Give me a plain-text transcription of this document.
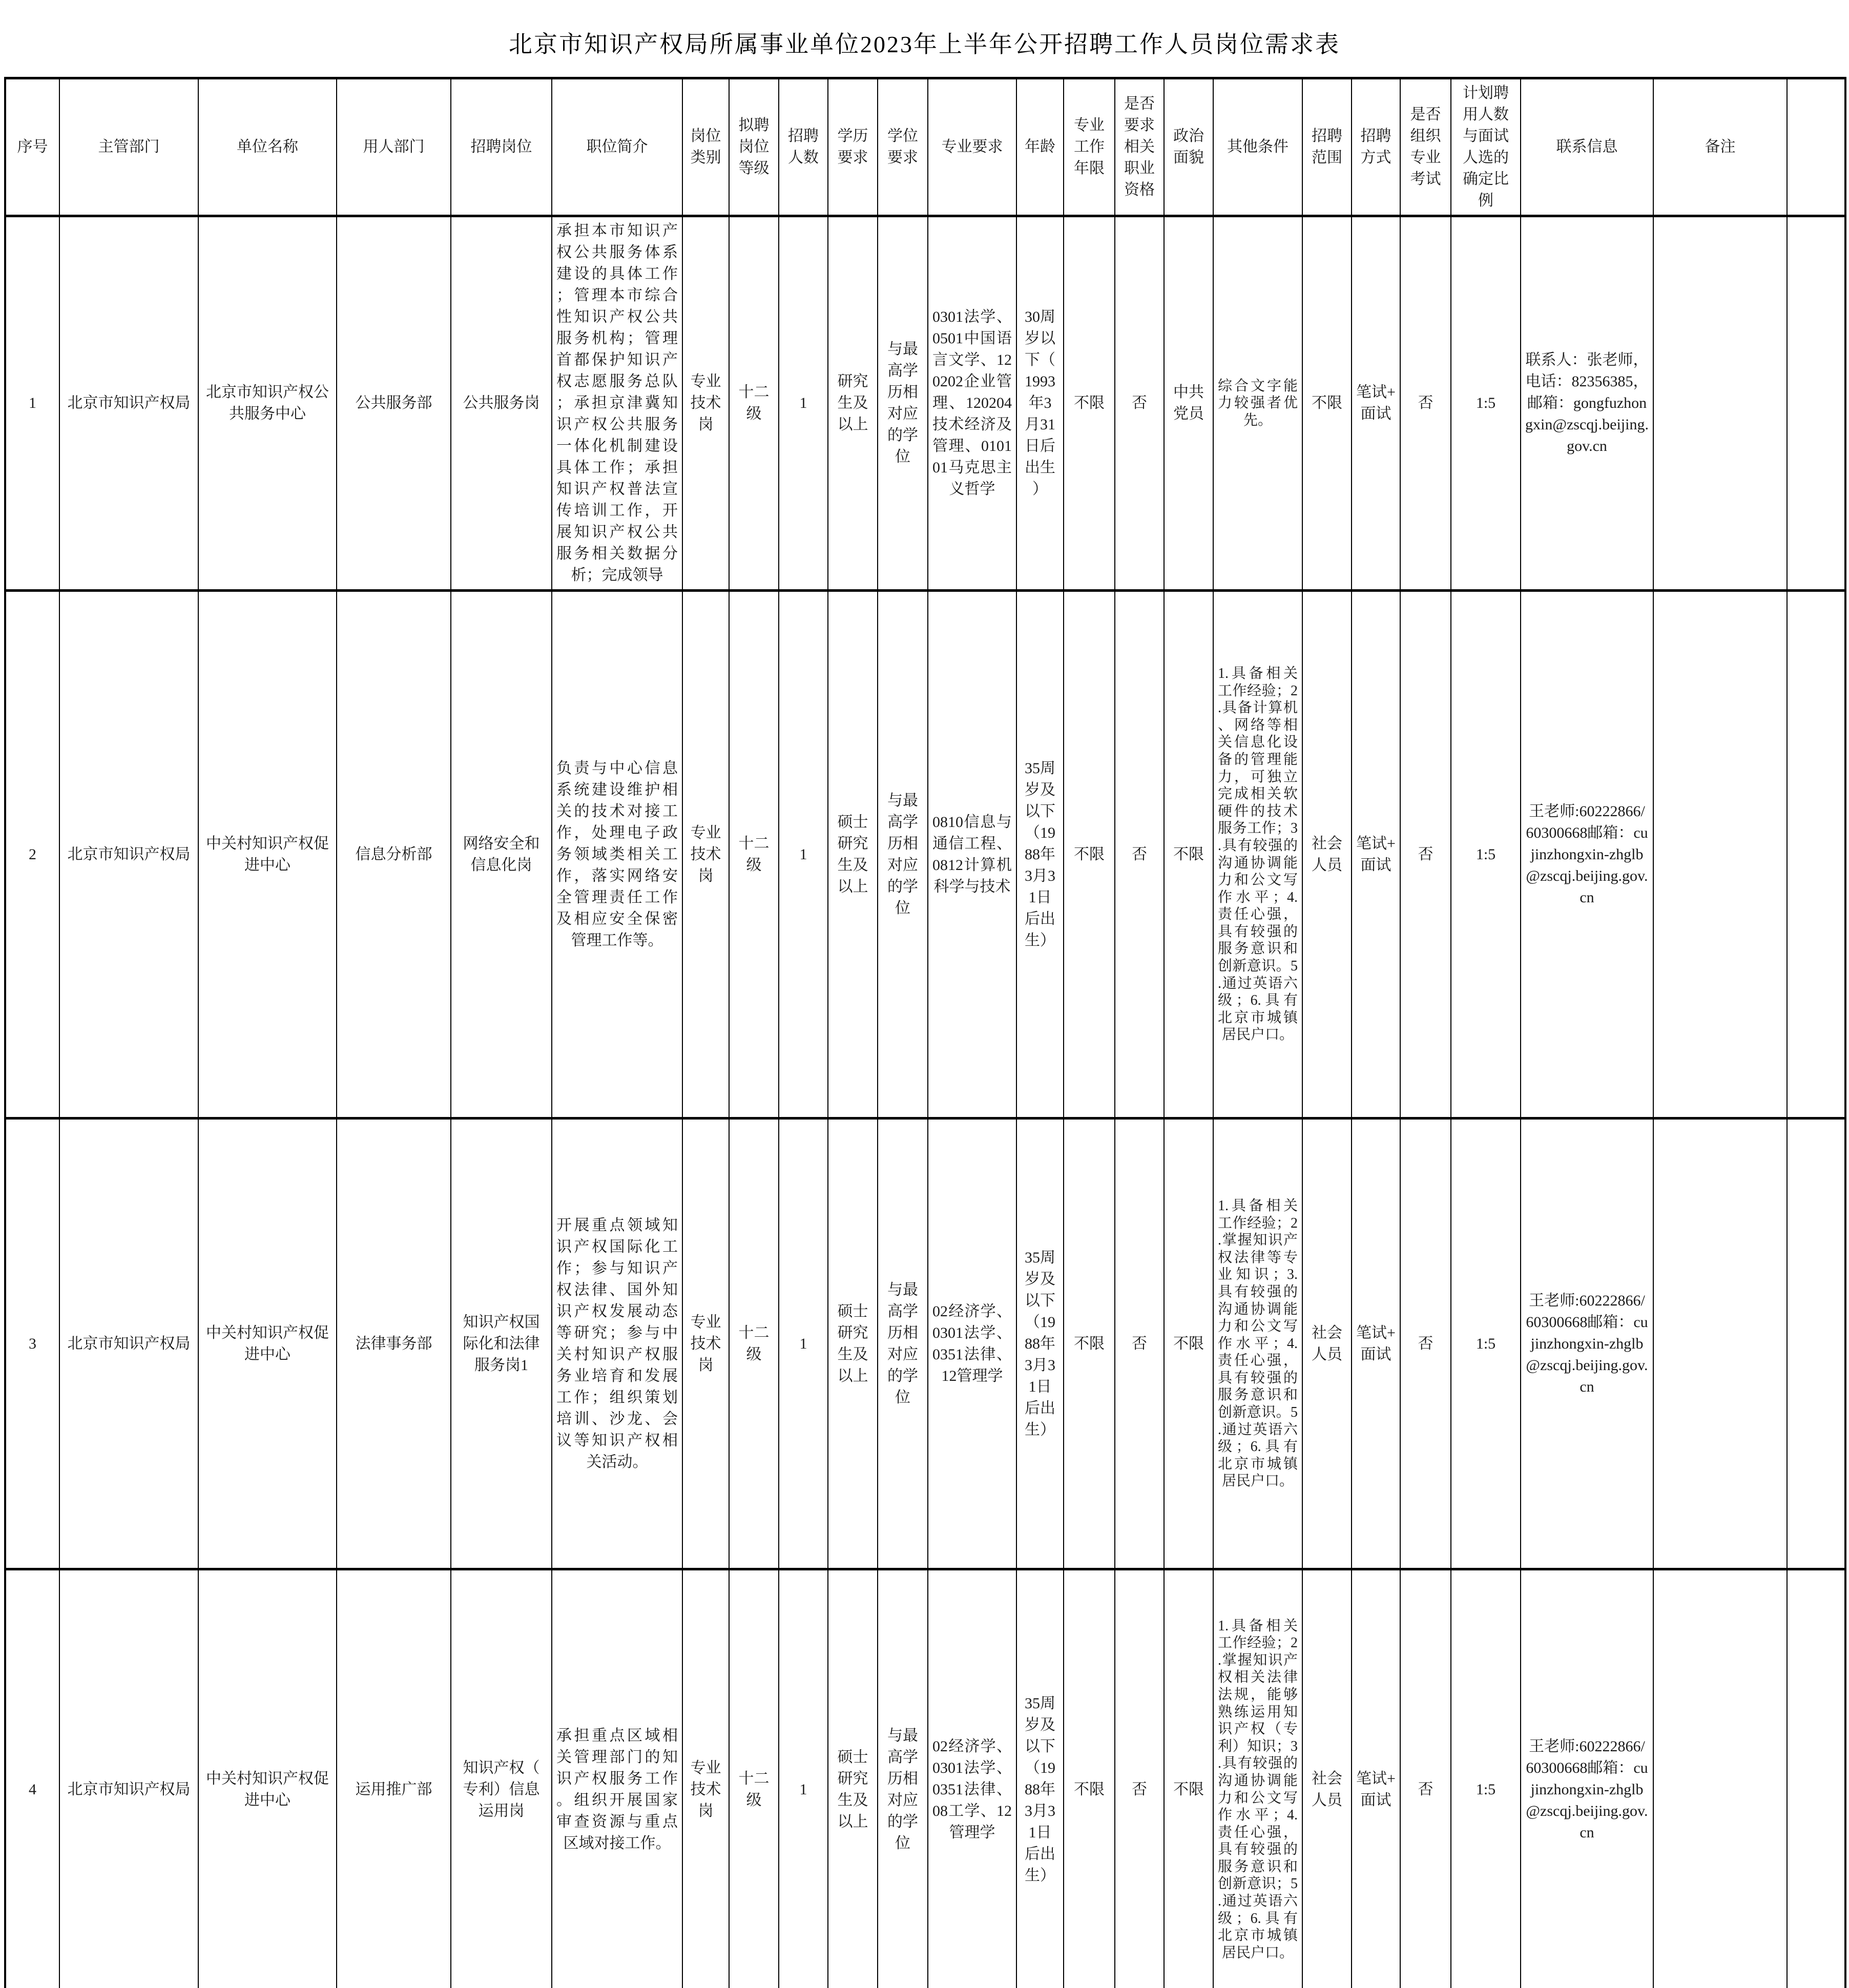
北京市知识产权局所属事业单位2023年上半年公开招聘工作人员岗位需求表
序号	主管部门	单位名称	用人部门	招聘岗位	职位简介	岗位类别	拟聘岗位等级	招聘人数	学历要求	学位要求	专业要求	年龄	专业工作年限	是否要求相关职业资格	政治面貌	其他条件	招聘范围	招聘方式	是否组织专业考试	计划聘用人数与面试人选的确定比例	联系信息	备注	
1	北京市知识产权局	北京市知识产权公共服务中心	公共服务部	公共服务岗	承担本市知识产权公共服务体系建设的具体工作；管理本市综合性知识产权公共服务机构；管理首都保护知识产权志愿服务总队；承担京津冀知识产权公共服务一体化机制建设具体工作；承担知识产权普法宣传培训工作，开展知识产权公共服务相关数据分析；完成领导	专业技术岗	十二级	1	研究生及以上	与最高学历相对应的学位	0301法学、0501中国语言文学、120202企业管理、120204技术经济及管理、010101马克思主义哲学	30周岁以下（1993年3月31日后出生）	不限	否	中共党员	综合文字能力较强者优先。	不限	笔试+面试	否	1:5	联系人：张老师，电话：82356385，邮箱：gongfuzhongxin@zscqj.beijing.gov.cn		
2	北京市知识产权局	中关村知识产权促进中心	信息分析部	网络安全和信息化岗	负责与中心信息系统建设维护相关的技术对接工作，处理电子政务领域类相关工作，落实网络安全管理责任工作及相应安全保密管理工作等。	专业技术岗	十二级	1	硕士研究生及以上	与最高学历相对应的学位	0810信息与通信工程、0812计算机科学与技术	35周岁及以下（1988年3月31日后出生）	不限	否	不限	1.具备相关工作经验；2.具备计算机、网络等相关信息化设备的管理能力，可独立完成相关软硬件的技术服务工作；3.具有较强的沟通协调能力和公文写作水平；4.责任心强，具有较强的服务意识和创新意识。5.通过英语六级；6.具有北京市城镇居民户口。	社会人员	笔试+面试	否	1:5	王老师:60222866/60300668邮箱：cujinzhongxin-zhglb@zscqj.beijing.gov.cn		
3	北京市知识产权局	中关村知识产权促进中心	法律事务部	知识产权国际化和法律服务岗1	开展重点领域知识产权国际化工作；参与知识产权法律、国外知识产权发展动态等研究；参与中关村知识产权服务业培育和发展工作；组织策划培训、沙龙、会议等知识产权相关活动。	专业技术岗	十二级	1	硕士研究生及以上	与最高学历相对应的学位	02经济学、0301法学、0351法律、12管理学	35周岁及以下（1988年3月31日后出生）	不限	否	不限	1.具备相关工作经验；2.掌握知识产权法律等专业知识；3.具有较强的沟通协调能力和公文写作水平；4.责任心强，具有较强的服务意识和创新意识。5.通过英语六级；6.具有北京市城镇居民户口。	社会人员	笔试+面试	否	1:5	王老师:60222866/60300668邮箱：cujinzhongxin-zhglb@zscqj.beijing.gov.cn		
4	北京市知识产权局	中关村知识产权促进中心	运用推广部	知识产权（专利）信息运用岗	承担重点区域相关管理部门的知识产权服务工作。组织开展国家审查资源与重点区域对接工作。	专业技术岗	十二级	1	硕士研究生及以上	与最高学历相对应的学位	02经济学、0301法学、0351法律、08工学、12管理学	35周岁及以下（1988年3月31日后出生）	不限	否	不限	1.具备相关工作经验；2.掌握知识产权相关法律法规，能够熟练运用知识产权（专利）知识；3.具有较强的沟通协调能力和公文写作水平；4.责任心强，具有较强的服务意识和创新意识；5.通过英语六级；6.具有北京市城镇居民户口。	社会人员	笔试+面试	否	1:5	王老师:60222866/60300668邮箱：cujinzhongxin-zhglb@zscqj.beijing.gov.cn		
